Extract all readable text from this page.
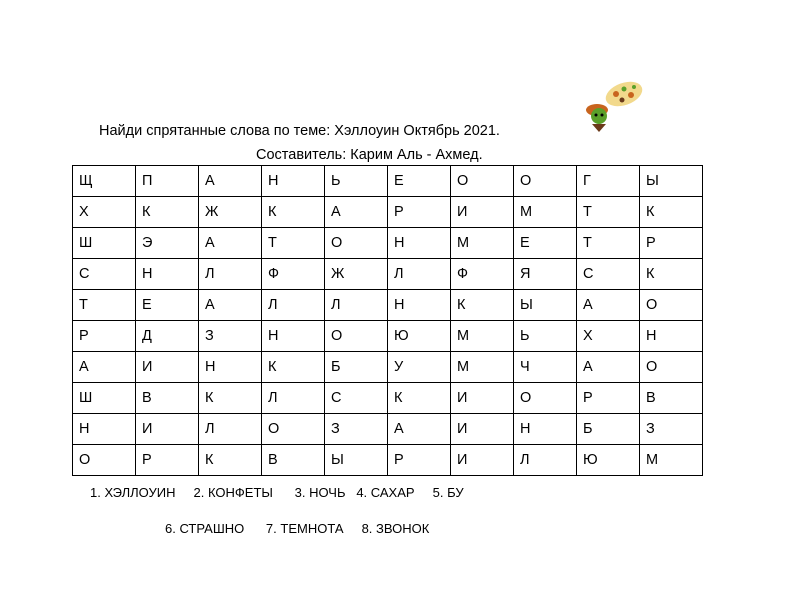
Найди спрятанные слова по теме: Хэллоуин Октябрь 2021.
Составитель: Карим Аль - Ахмед.
Щ	П	А	Н	Ь	Е	О	О	Г	Ы
Х	К	Ж	К	А	Р	И	М	Т	К
Ш	Э	А	Т	О	Н	М	Е	Т	Р
С	Н	Л	Ф	Ж	Л	Ф	Я	С	К
Т	Е	А	Л	Л	Н	К	Ы	А	О
Р	Д	З	Н	О	Ю	М	Ь	Х	Н
А	И	Н	К	Б	У	М	Ч	А	О
Ш	В	К	Л	С	К	И	О	Р	В
Н	И	Л	О	З	А	И	Н	Б	З
О	Р	К	В	Ы	Р	И	Л	Ю	М
1. ХЭЛЛОУИН 2. КОНФЕТЫ 3. НОЧЬ 4. САХАР 5. БУ
6. СТРАШНО 7. ТЕМНОТА 8. ЗВОНОК
